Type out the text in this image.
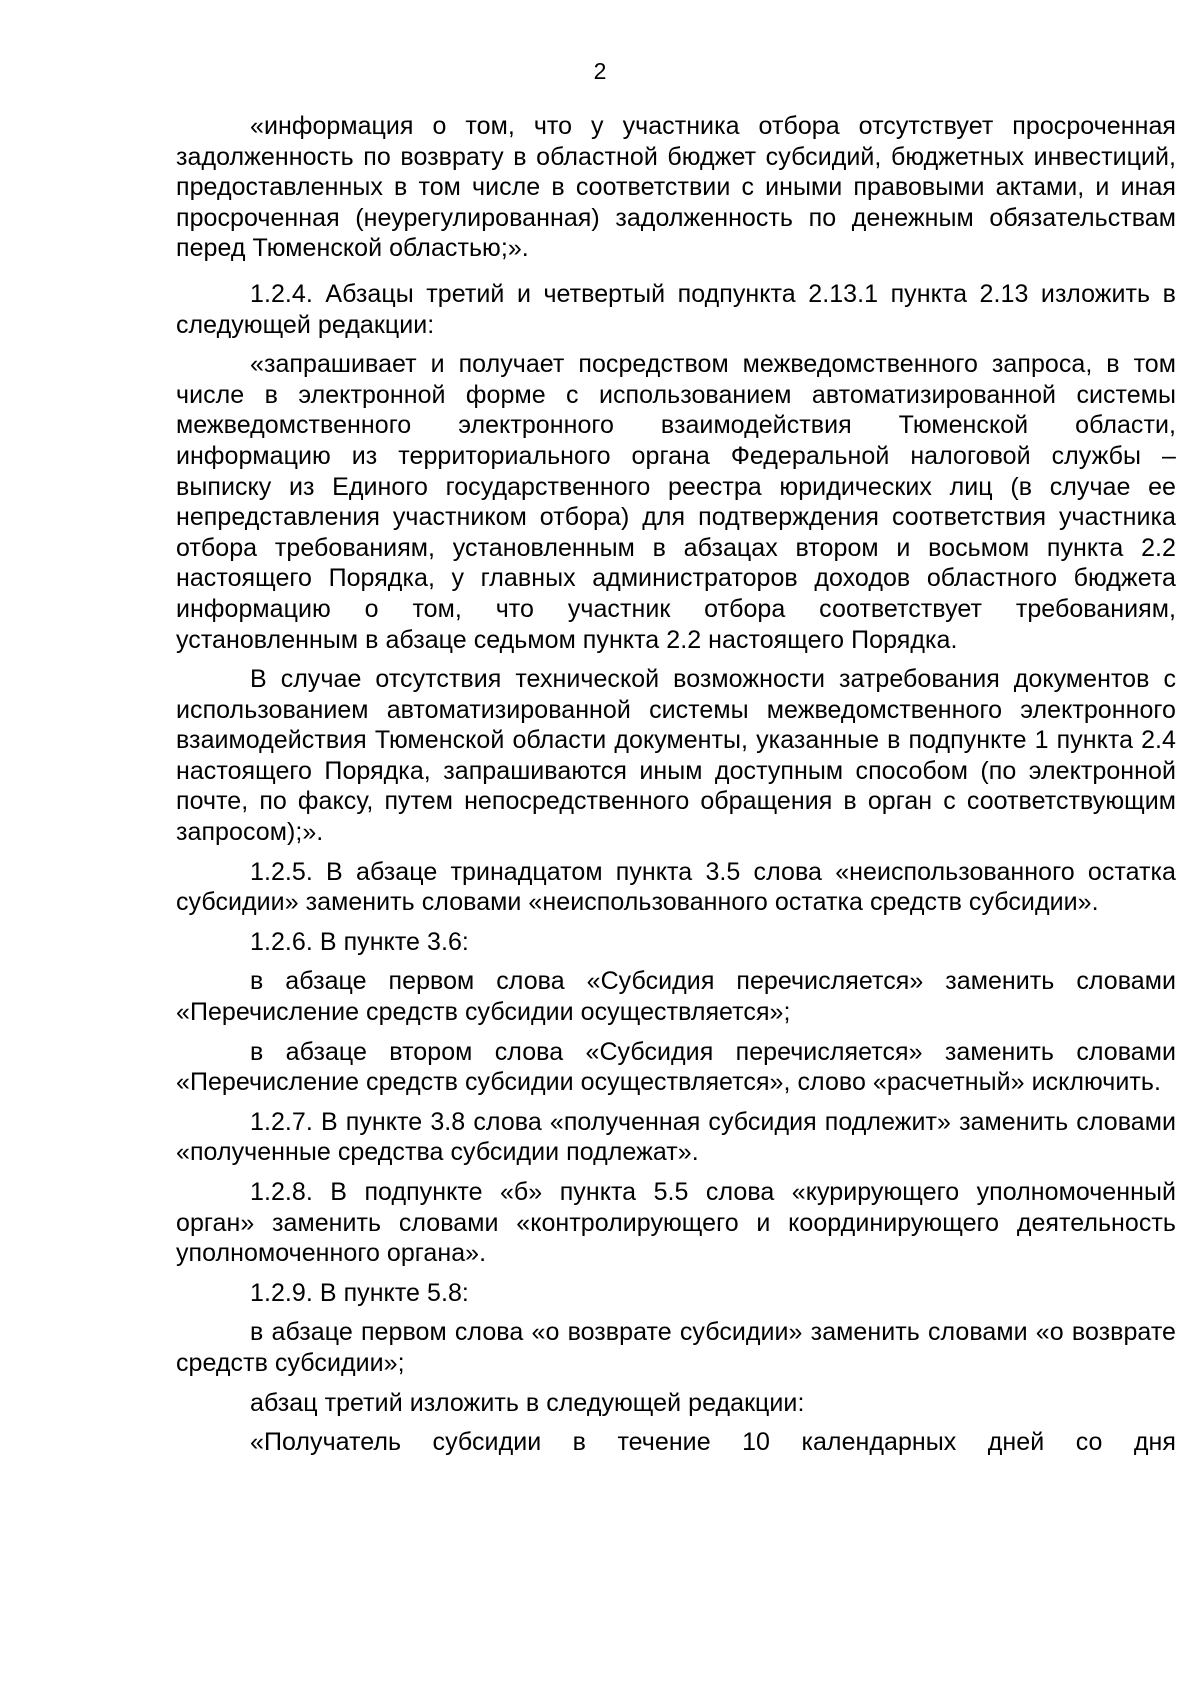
2

«информация о том, что у участника отбора отсутствует просроченная задолженность по возврату в областной бюджет субсидий, бюджетных инвестиций, предоставленных в том числе в соответствии с иными правовыми актами, и иная просроченная (неурегулированная) задолженность по денежным обязательствам перед Тюменской областью;».

1.2.4. Абзацы третий и четвертый подпункта 2.13.1 пункта 2.13 изложить в следующей редакции:

«запрашивает и получает посредством межведомственного запроса, в том числе в электронной форме с использованием автоматизированной системы межведомственного электронного взаимодействия Тюменской области, информацию из территориального органа Федеральной налоговой службы – выписку из Единого государственного реестра юридических лиц (в случае ее непредставления участником отбора) для подтверждения соответствия участника отбора требованиям, установленным в абзацах втором и восьмом пункта 2.2 настоящего Порядка, у главных администраторов доходов областного бюджета информацию о том, что участник отбора соответствует требованиям, установленным в абзаце седьмом пункта 2.2 настоящего Порядка.

В случае отсутствия технической возможности затребования документов с использованием автоматизированной системы межведомственного электронного взаимодействия Тюменской области документы, указанные в подпункте 1 пункта 2.4 настоящего Порядка, запрашиваются иным доступным способом (по электронной почте, по факсу, путем непосредственного обращения в орган с соответствующим запросом);».

1.2.5. В абзаце тринадцатом пункта 3.5 слова «неиспользованного остатка субсидии» заменить словами «неиспользованного остатка средств субсидии».

1.2.6. В пункте 3.6:

в абзаце первом слова «Субсидия перечисляется» заменить словами «Перечисление средств субсидии осуществляется»;

в абзаце втором слова «Субсидия перечисляется» заменить словами «Перечисление средств субсидии осуществляется», слово «расчетный» исключить.

1.2.7. В пункте 3.8 слова «полученная субсидия подлежит» заменить словами «полученные средства субсидии подлежат».

1.2.8. В подпункте «б» пункта 5.5 слова «курирующего уполномоченный орган» заменить словами «контролирующего и координирующего деятельность уполномоченного органа».

1.2.9. В пункте 5.8:

в абзаце первом слова «о возврате субсидии» заменить словами «о возврате средств субсидии»;

абзац третий изложить в следующей редакции:

«Получатель субсидии в течение 10 календарных дней со дня
